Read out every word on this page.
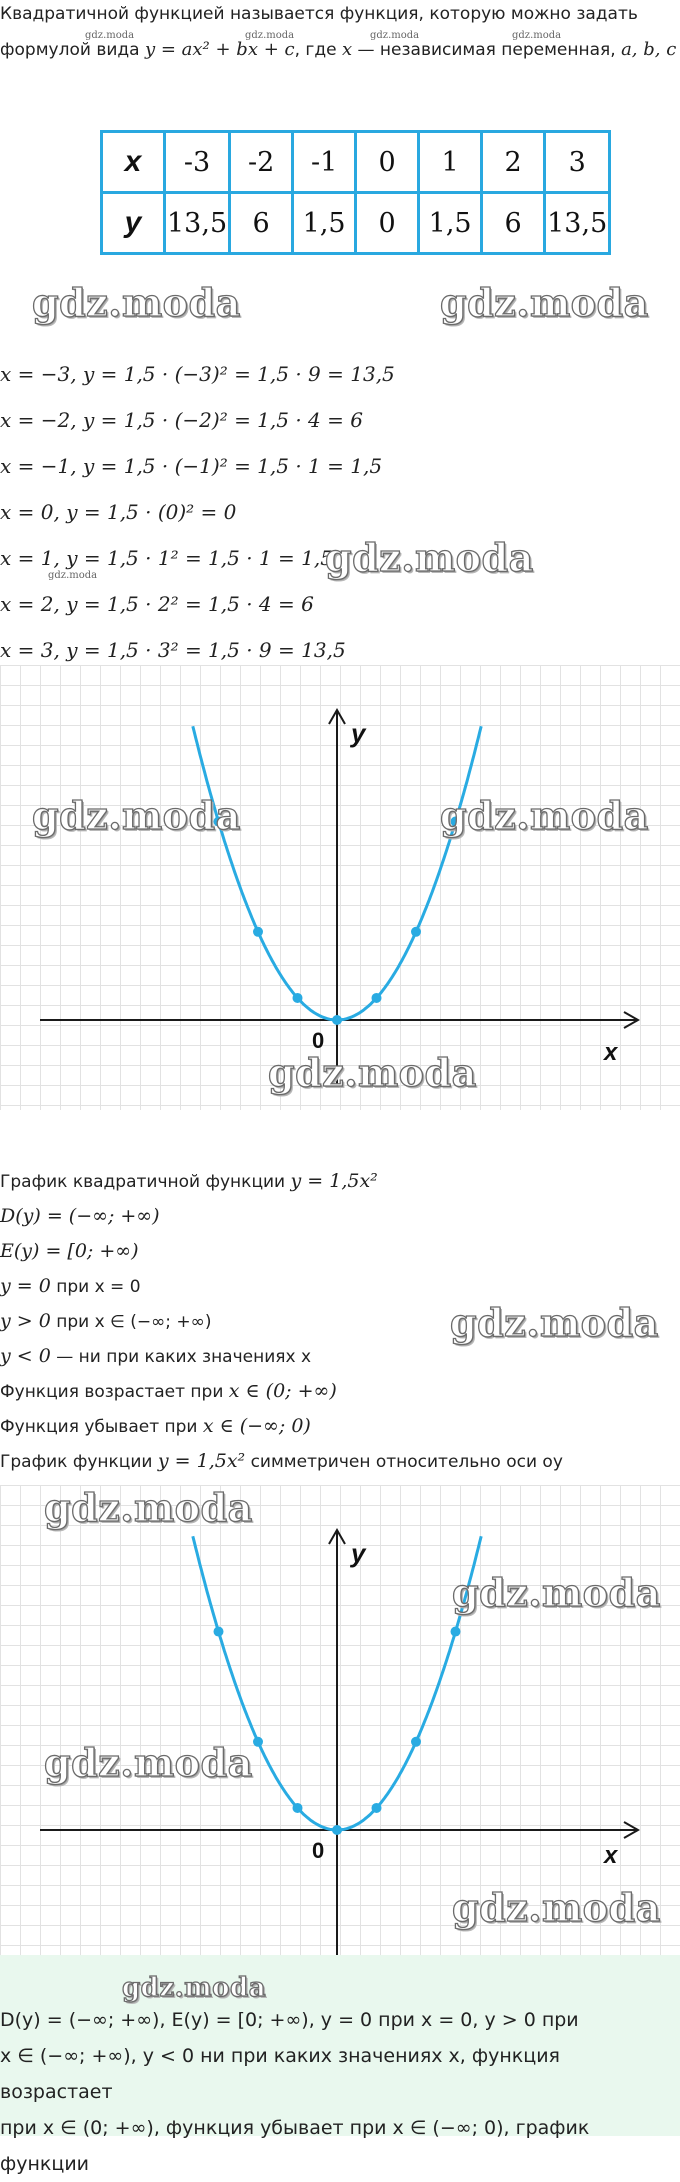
Квадратичной функцией называется функция, которую можно задать
формулой вида y = ax² + bx + c, где x — независимая переменная, a, b, c
gdz.moda	gdz.moda	gdz.moda	gdz.moda
x	-3	-2	-1	0	1	2	3
y	13,5	6	1,5	0	1,5	6	13,5
gdz.moda	gdz.moda
x = −3, y = 1,5 · (−3)² = 1,5 · 9 = 13,5
x = −2, y = 1,5 · (−2)² = 1,5 · 4 = 6
x = −1, y = 1,5 · (−1)² = 1,5 · 1 = 1,5
x = 0, y = 1,5 · (0)² = 0
x = 1, y = 1,5 · 1² = 1,5 · 1 = 1,5
x = 2, y = 1,5 · 2² = 1,5 · 4 = 6
x = 3, y = 1,5 · 3² = 1,5 · 9 = 13,5
gdz.moda
gdz.moda
x
y
0
gdz.moda	gdz.moda
gdz.moda
График квадратичной функции y = 1,5x²
D(y) = (−∞; +∞)
E(y) = [0; +∞)
y = 0 при x = 0
y > 0 при x ∈ (−∞; +∞)
y < 0 — ни при каких значениях x
Функция возрастает при x ∈ (0; +∞)
Функция убывает при x ∈ (−∞; 0)
График функции y = 1,5x² симметричен относительно оси oy
gdz.moda
x
y
0
gdz.moda
gdz.moda
gdz.moda
gdz.moda
D(y) = (−∞; +∞), E(y) = [0; +∞), y = 0 при x = 0, y > 0 при
x ∈ (−∞; +∞), y < 0 ни при каких значениях x, функция возрастает
при x ∈ (0; +∞), функция убывает при x ∈ (−∞; 0), график функции
gdz.moda
